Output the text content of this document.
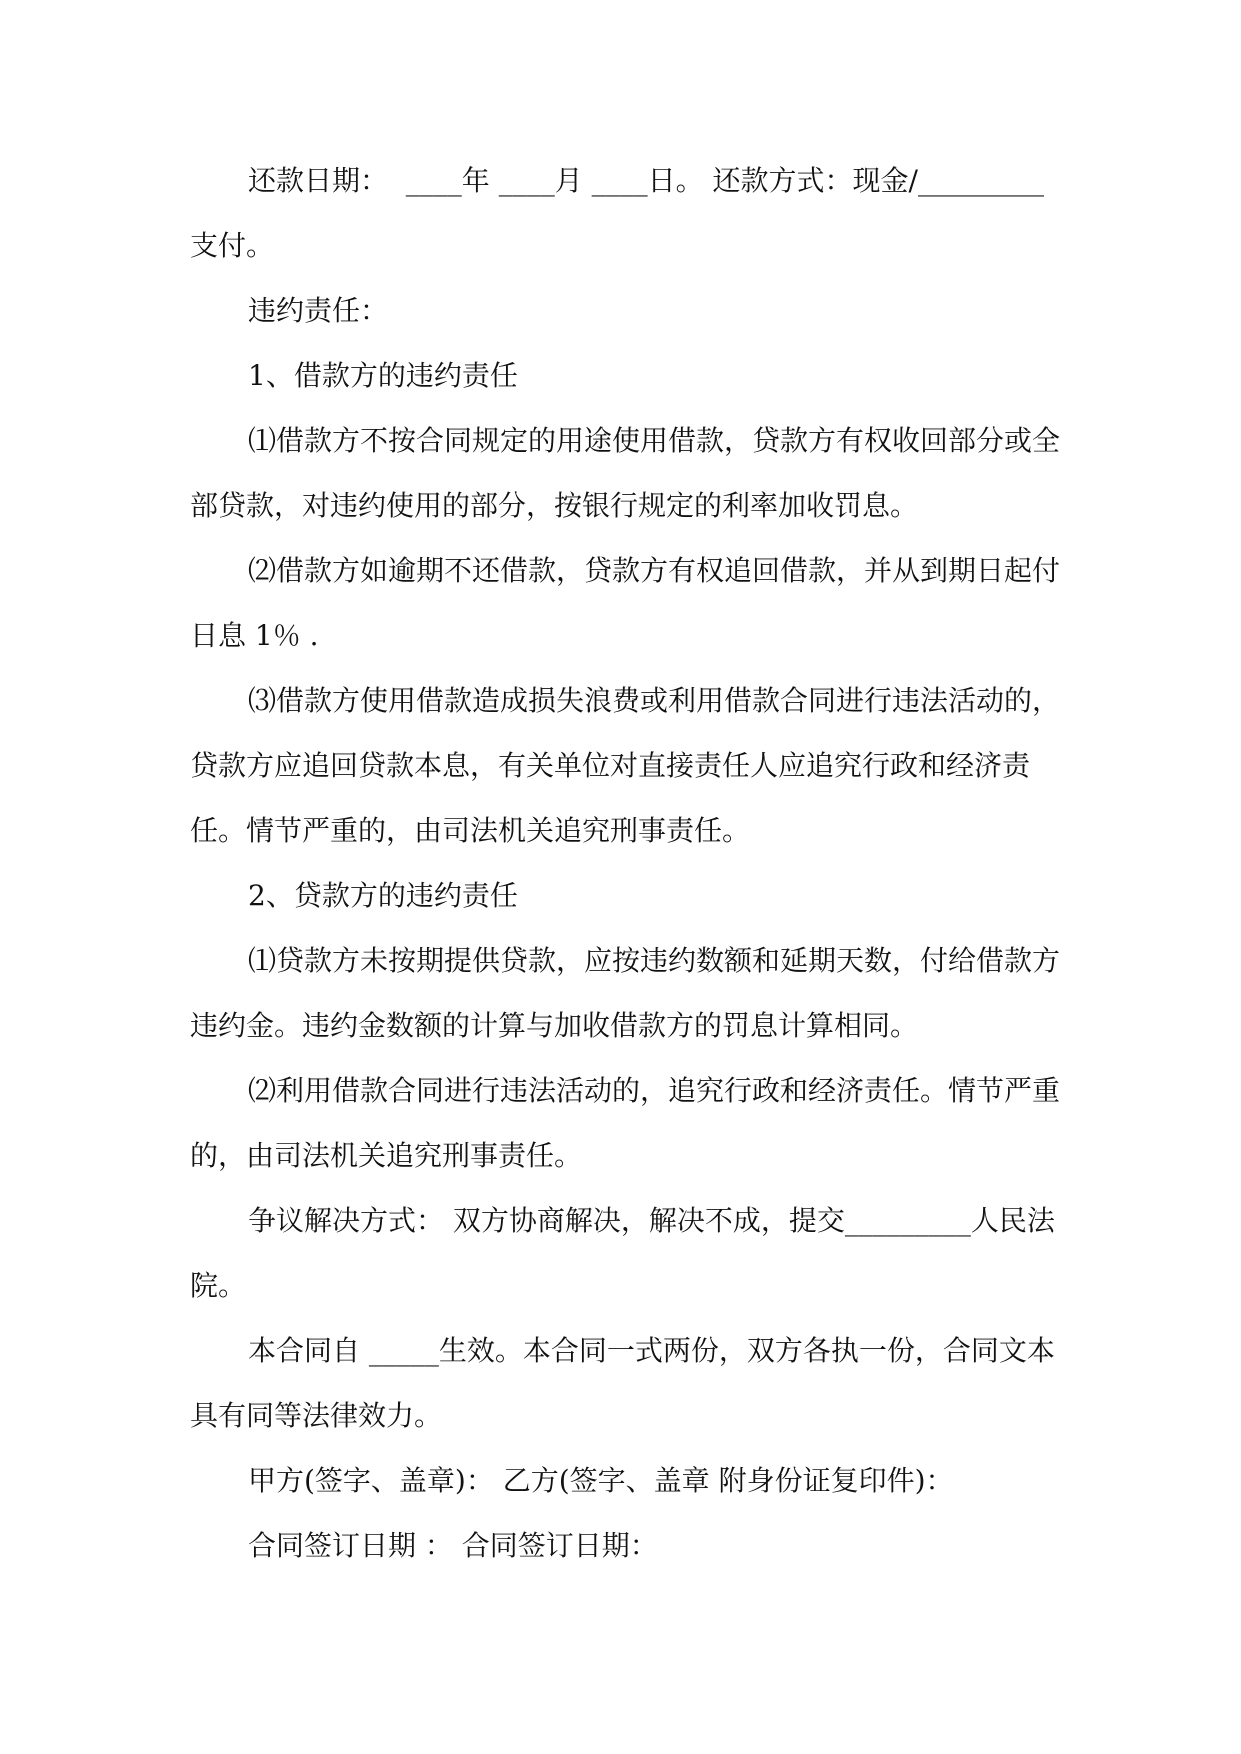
还款日期：  ____年 ____月 ____日。 还款方式：现金/_________支付。

违约责任：

1、借款方的违约责任

⑴借款方不按合同规定的用途使用借款，贷款方有权收回部分或全部贷款，对违约使用的部分，按银行规定的利率加收罚息。

⑵借款方如逾期不还借款，贷款方有权追回借款，并从到期日起付日息 1％ .

⑶借款方使用借款造成损失浪费或利用借款合同进行违法活动的，贷款方应追回贷款本息，有关单位对直接责任人应追究行政和经济责任。情节严重的，由司法机关追究刑事责任。

2、贷款方的违约责任

⑴贷款方未按期提供贷款，应按违约数额和延期天数，付给借款方违约金。违约金数额的计算与加收借款方的罚息计算相同。

⑵利用借款合同进行违法活动的，追究行政和经济责任。情节严重的，由司法机关追究刑事责任。

争议解决方式： 双方协商解决，解决不成，提交_________人民法院。

本合同自 _____生效。本合同一式两份，双方各执一份，合同文本具有同等法律效力。

甲方(签字、盖章)： 乙方(签字、盖章 附身份证复印件)：

合同签订日期 ： 合同签订日期：
